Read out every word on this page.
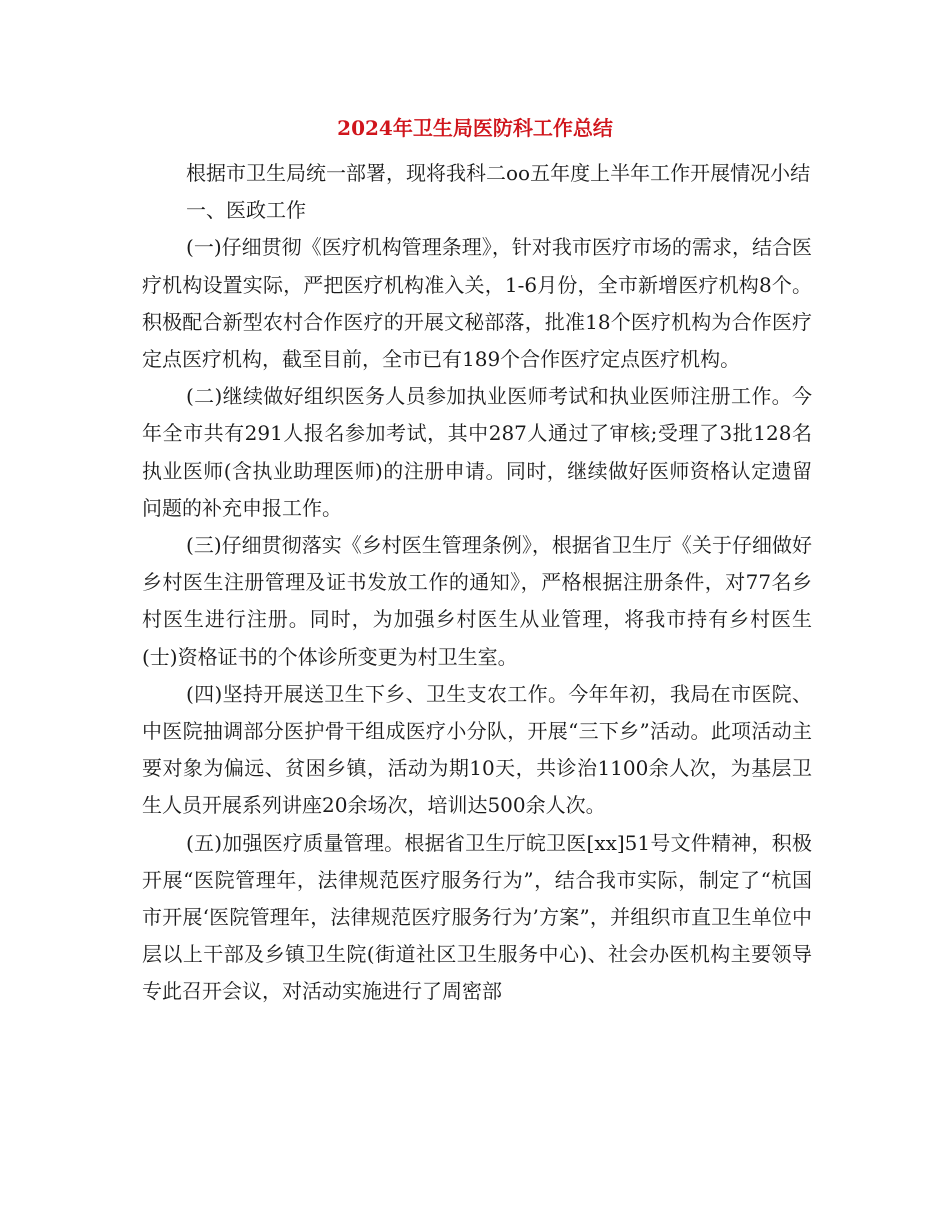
2024年卫生局医防科工作总结

根据市卫生局统一部署，现将我科二oo五年度上半年工作开展情况小结

一、医政工作

(一)仔细贯彻《医疗机构管理条理》，针对我市医疗市场的需求，结合医疗机构设置实际，严把医疗机构准入关，1-6月份，全市新增医疗机构8个。积极配合新型农村合作医疗的开展文秘部落，批准18个医疗机构为合作医疗定点医疗机构，截至目前，全市已有189个合作医疗定点医疗机构。

(二)继续做好组织医务人员参加执业医师考试和执业医师注册工作。今年全市共有291人报名参加考试，其中287人通过了审核;受理了3批128名执业医师(含执业助理医师)的注册申请。同时，继续做好医师资格认定遗留问题的补充申报工作。

(三)仔细贯彻落实《乡村医生管理条例》，根据省卫生厅《关于仔细做好乡村医生注册管理及证书发放工作的通知》，严格根据注册条件，对77名乡村医生进行注册。同时，为加强乡村医生从业管理，将我市持有乡村医生(士)资格证书的个体诊所变更为村卫生室。

(四)坚持开展送卫生下乡、卫生支农工作。今年年初，我局在市医院、中医院抽调部分医护骨干组成医疗小分队，开展“三下乡”活动。此项活动主要对象为偏远、贫困乡镇，活动为期10天，共诊治1100余人次，为基层卫生人员开展系列讲座20余场次，培训达500余人次。

(五)加强医疗质量管理。根据省卫生厅皖卫医[xx]51号文件精神，积极开展“医院管理年，法律规范医疗服务行为”，结合我市实际，制定了“杭国市开展‘医院管理年，法律规范医疗服务行为’方案”，并组织市直卫生单位中层以上干部及乡镇卫生院(街道社区卫生服务中心)、社会办医机构主要领导专此召开会议，对活动实施进行了周密部
